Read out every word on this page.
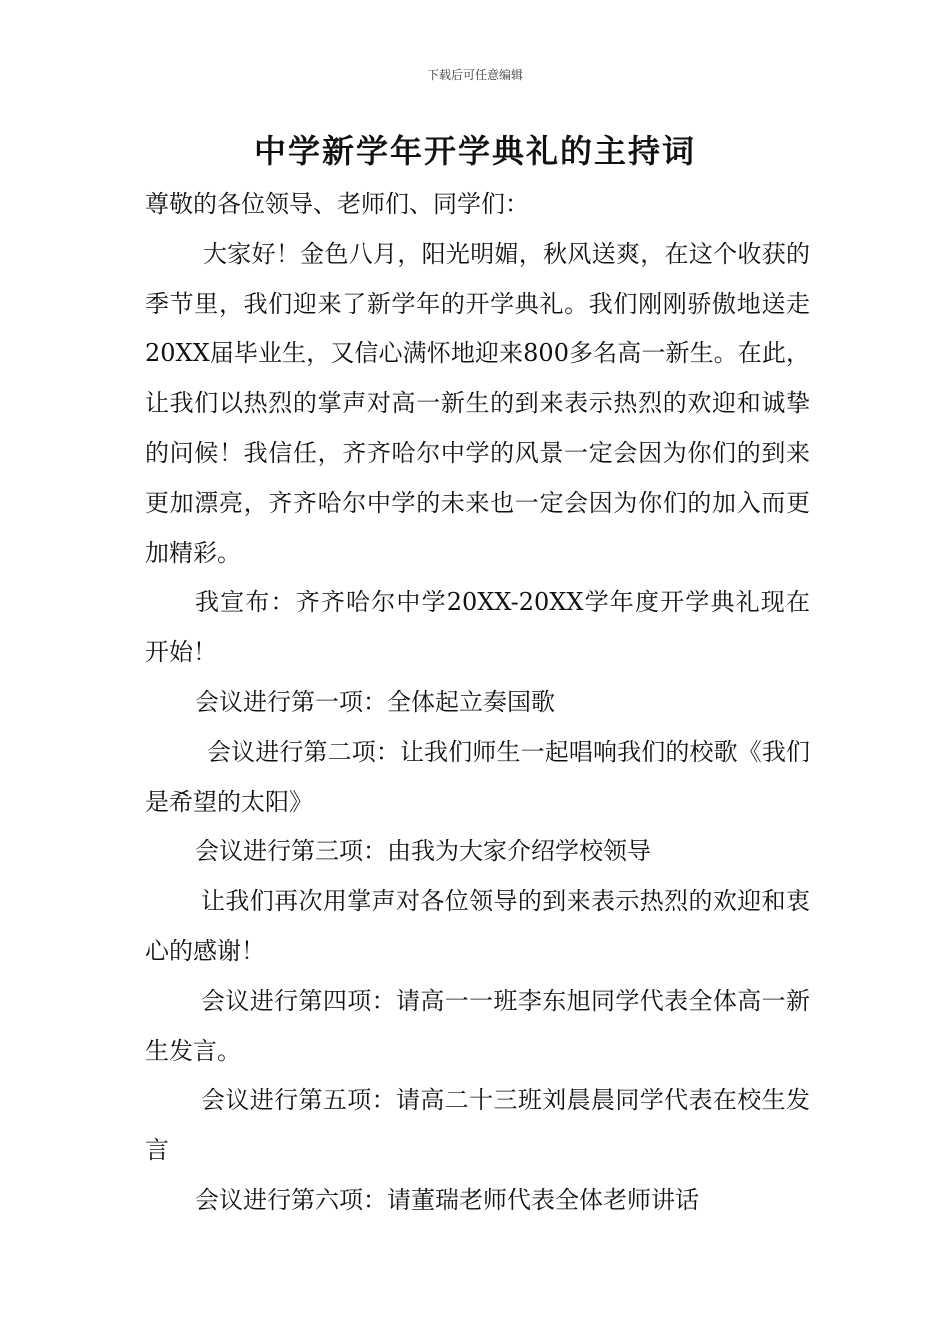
下载后可任意编辑
中学新学年开学典礼的主持词

尊敬的各位领导、老师们、同学们：

大家好！金色八月，阳光明媚，秋风送爽，在这个收获的季节里，我们迎来了新学年的开学典礼。我们刚刚骄傲地送走20XX届毕业生，又信心满怀地迎来800多名高一新生。在此，让我们以热烈的掌声对高一新生的到来表示热烈的欢迎和诚挚的问候！我信任，齐齐哈尔中学的风景一定会因为你们的到来更加漂亮，齐齐哈尔中学的未来也一定会因为你们的加入而更加精彩。

我宣布：齐齐哈尔中学20XX-20XX学年度开学典礼现在开始！

会议进行第一项：全体起立奏国歌

会议进行第二项：让我们师生一起唱响我们的校歌《我们是希望的太阳》

会议进行第三项：由我为大家介绍学校领导

让我们再次用掌声对各位领导的到来表示热烈的欢迎和衷心的感谢！

会议进行第四项：请高一一班李东旭同学代表全体高一新生发言。

会议进行第五项：请高二十三班刘晨晨同学代表在校生发言

会议进行第六项：请董瑞老师代表全体老师讲话
